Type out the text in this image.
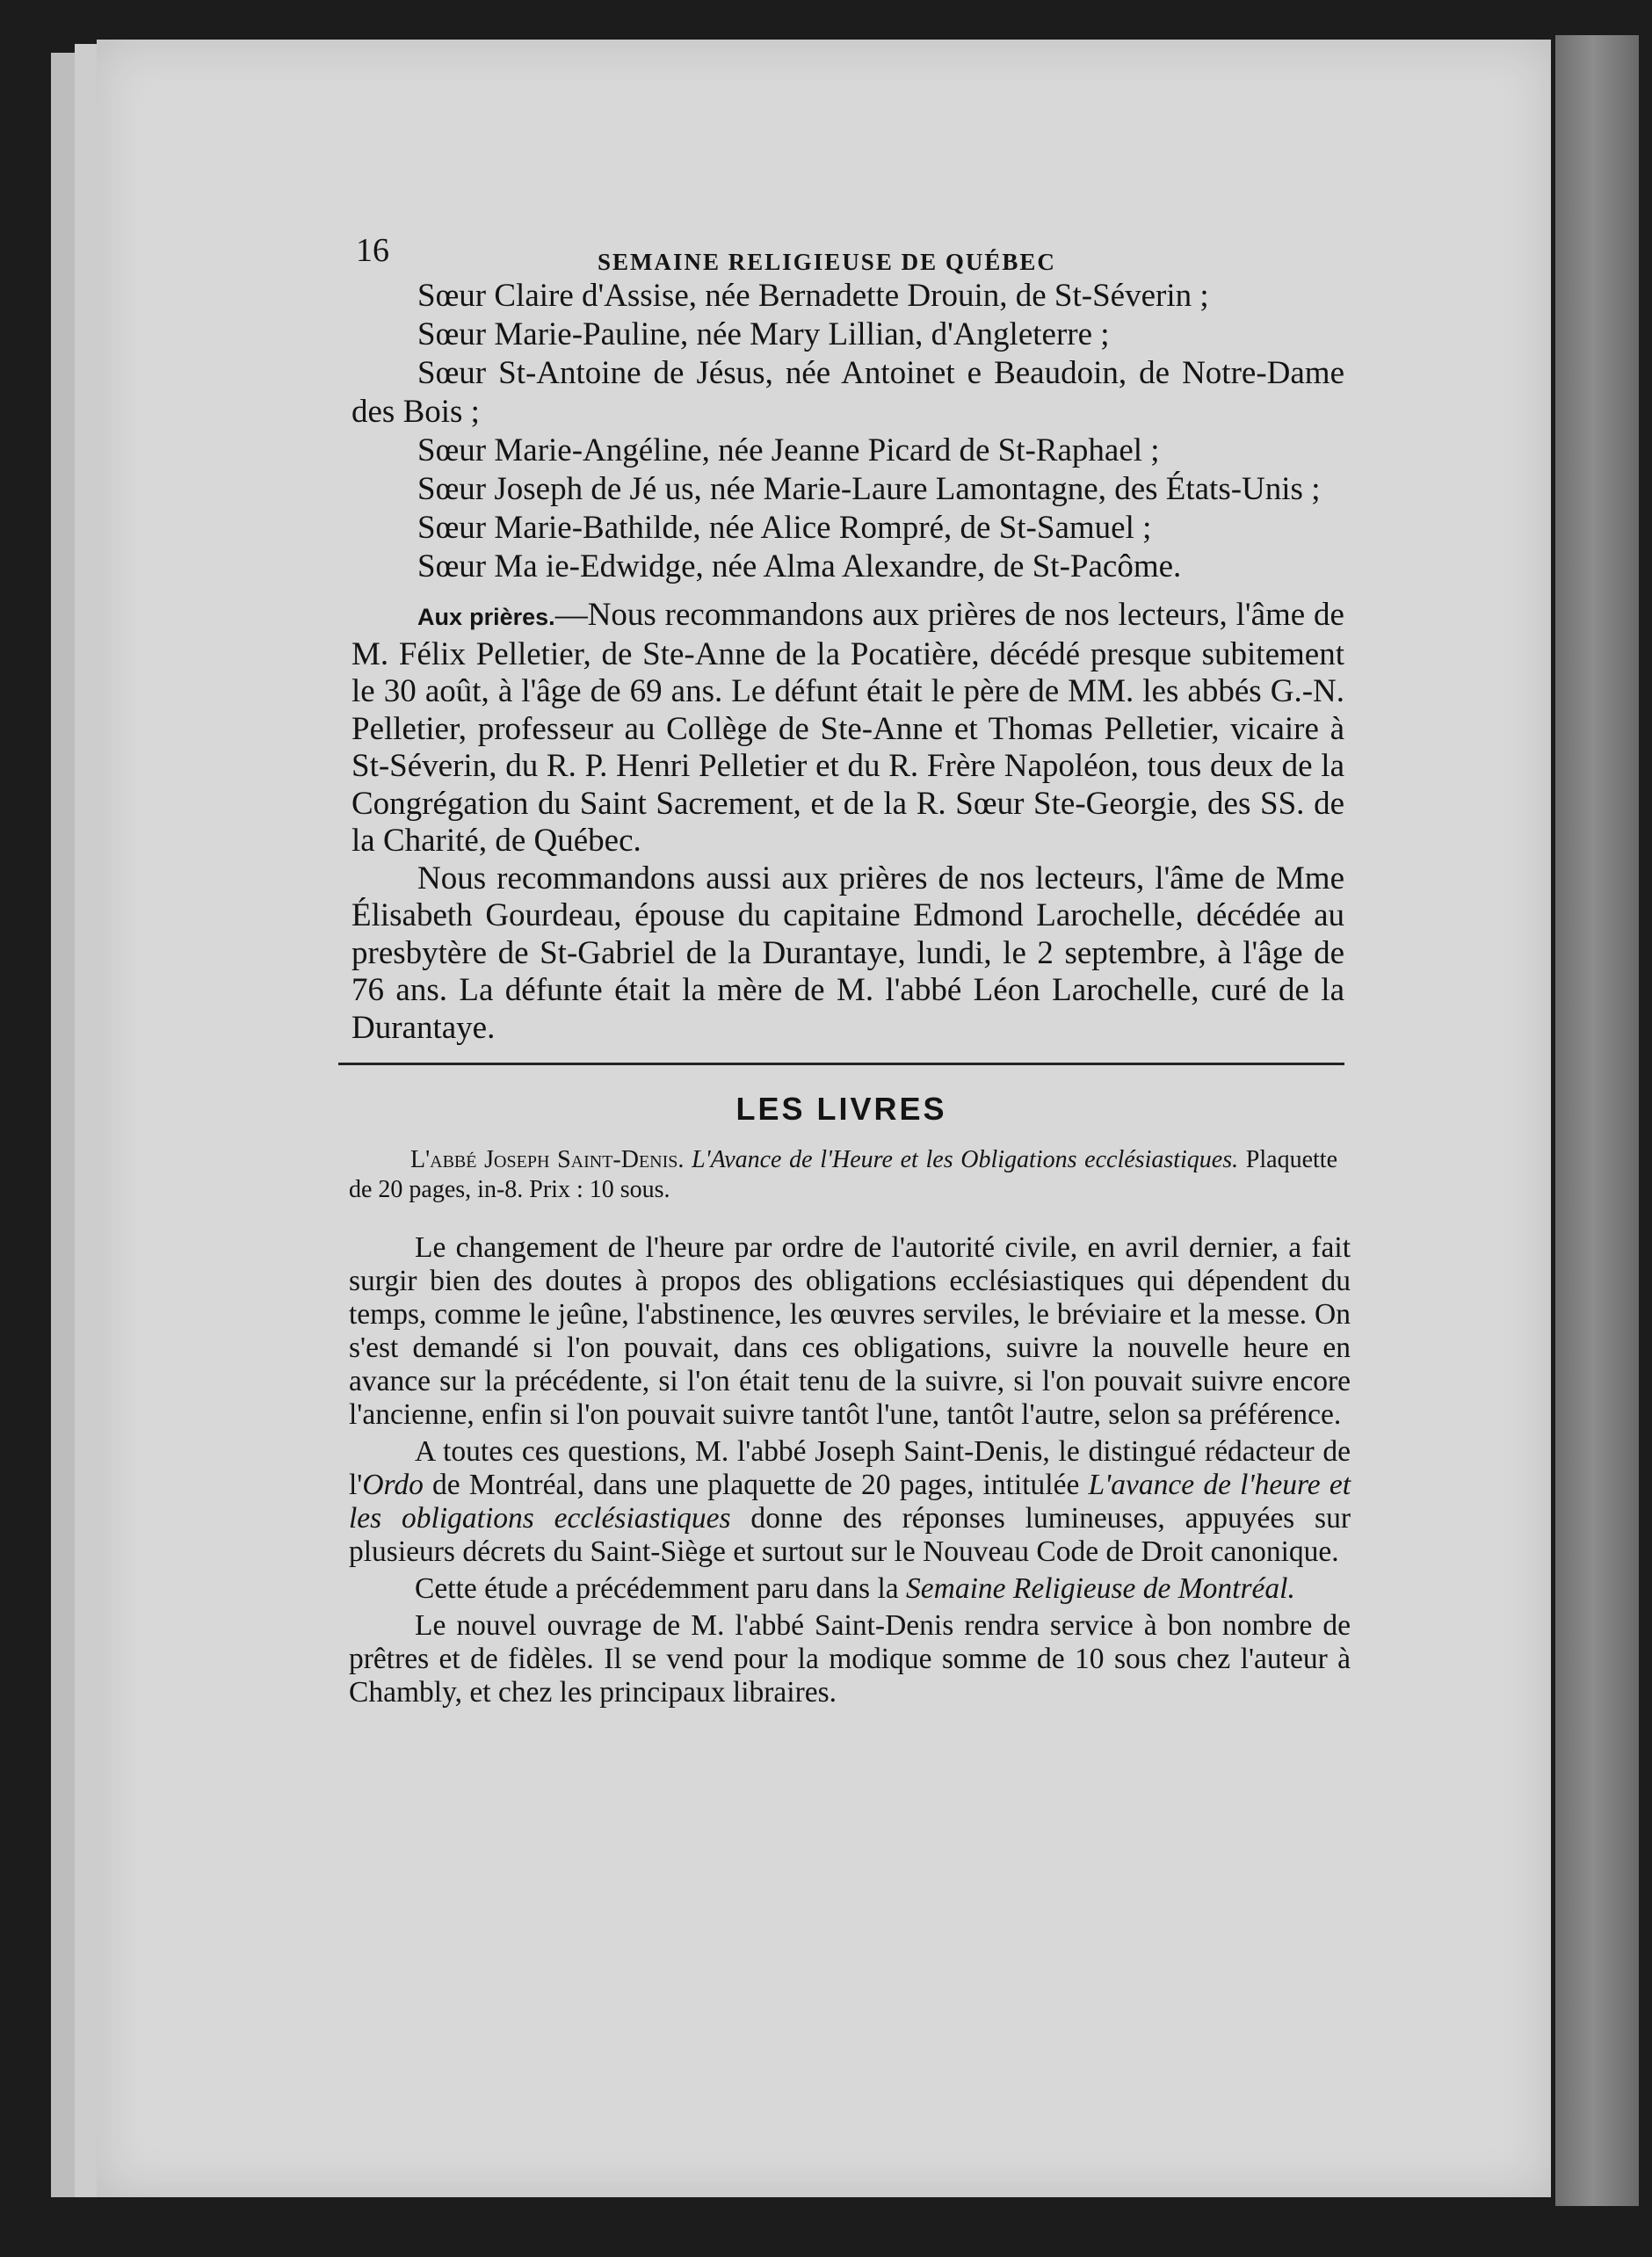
16	SEMAINE RELIGIEUSE DE QUÉBEC

Sœur Claire d'Assise, née Bernadette Drouin, de St-Séverin ;

Sœur Marie-Pauline, née Mary Lillian, d'Angleterre ;

Sœur St-Antoine de Jésus, née Antoinet e Beaudoin, de Notre-Dame des Bois ;

Sœur Marie-Angéline, née Jeanne Picard de St-Raphael ;

Sœur Joseph de Jé us, née Marie-Laure Lamontagne, des États-Unis ;

Sœur Marie-Bathilde, née Alice Rompré, de St-Samuel ;

Sœur Ma ie-Edwidge, née Alma Alexandre, de St-Pacôme.

Aux prières.—Nous recommandons aux prières de nos lecteurs, l'âme de M. Félix Pelletier, de Ste-Anne de la Pocatière, décédé presque subitement le 30 août, à l'âge de 69 ans. Le défunt était le père de MM. les abbés G.-N. Pelletier, professeur au Collège de Ste-Anne et Thomas Pelletier, vicaire à St-Séverin, du R. P. Henri Pelletier et du R. Frère Napoléon, tous deux de la Congrégation du Saint Sacrement, et de la R. Sœur Ste-Georgie, des SS. de la Charité, de Québec.

Nous recommandons aussi aux prières de nos lecteurs, l'âme de Mme Élisabeth Gourdeau, épouse du capitaine Edmond Larochelle, décédée au presbytère de St-Gabriel de la Durantaye, lundi, le 2 septembre, à l'âge de 76 ans. La défunte était la mère de M. l'abbé Léon Larochelle, curé de la Durantaye.

LES LIVRES

L'abbé Joseph Saint-Denis. L'Avance de l'Heure et les Obligations ecclésiastiques. Plaquette de 20 pages, in-8. Prix : 10 sous.

Le changement de l'heure par ordre de l'autorité civile, en avril dernier, a fait surgir bien des doutes à propos des obligations ecclésiastiques qui dépendent du temps, comme le jeûne, l'abstinence, les œuvres serviles, le bréviaire et la messe. On s'est demandé si l'on pouvait, dans ces obligations, suivre la nouvelle heure en avance sur la précédente, si l'on était tenu de la suivre, si l'on pouvait suivre encore l'ancienne, enfin si l'on pouvait suivre tantôt l'une, tantôt l'autre, selon sa préférence.

A toutes ces questions, M. l'abbé Joseph Saint-Denis, le distingué rédacteur de l'Ordo de Montréal, dans une plaquette de 20 pages, intitulée L'avance de l'heure et les obligations ecclésiastiques donne des réponses lumineuses, appuyées sur plusieurs décrets du Saint-Siège et surtout sur le Nouveau Code de Droit canonique.

Cette étude a précédemment paru dans la Semaine Religieuse de Montréal.

Le nouvel ouvrage de M. l'abbé Saint-Denis rendra service à bon nombre de prêtres et de fidèles. Il se vend pour la modique somme de 10 sous chez l'auteur à Chambly, et chez les principaux libraires.
